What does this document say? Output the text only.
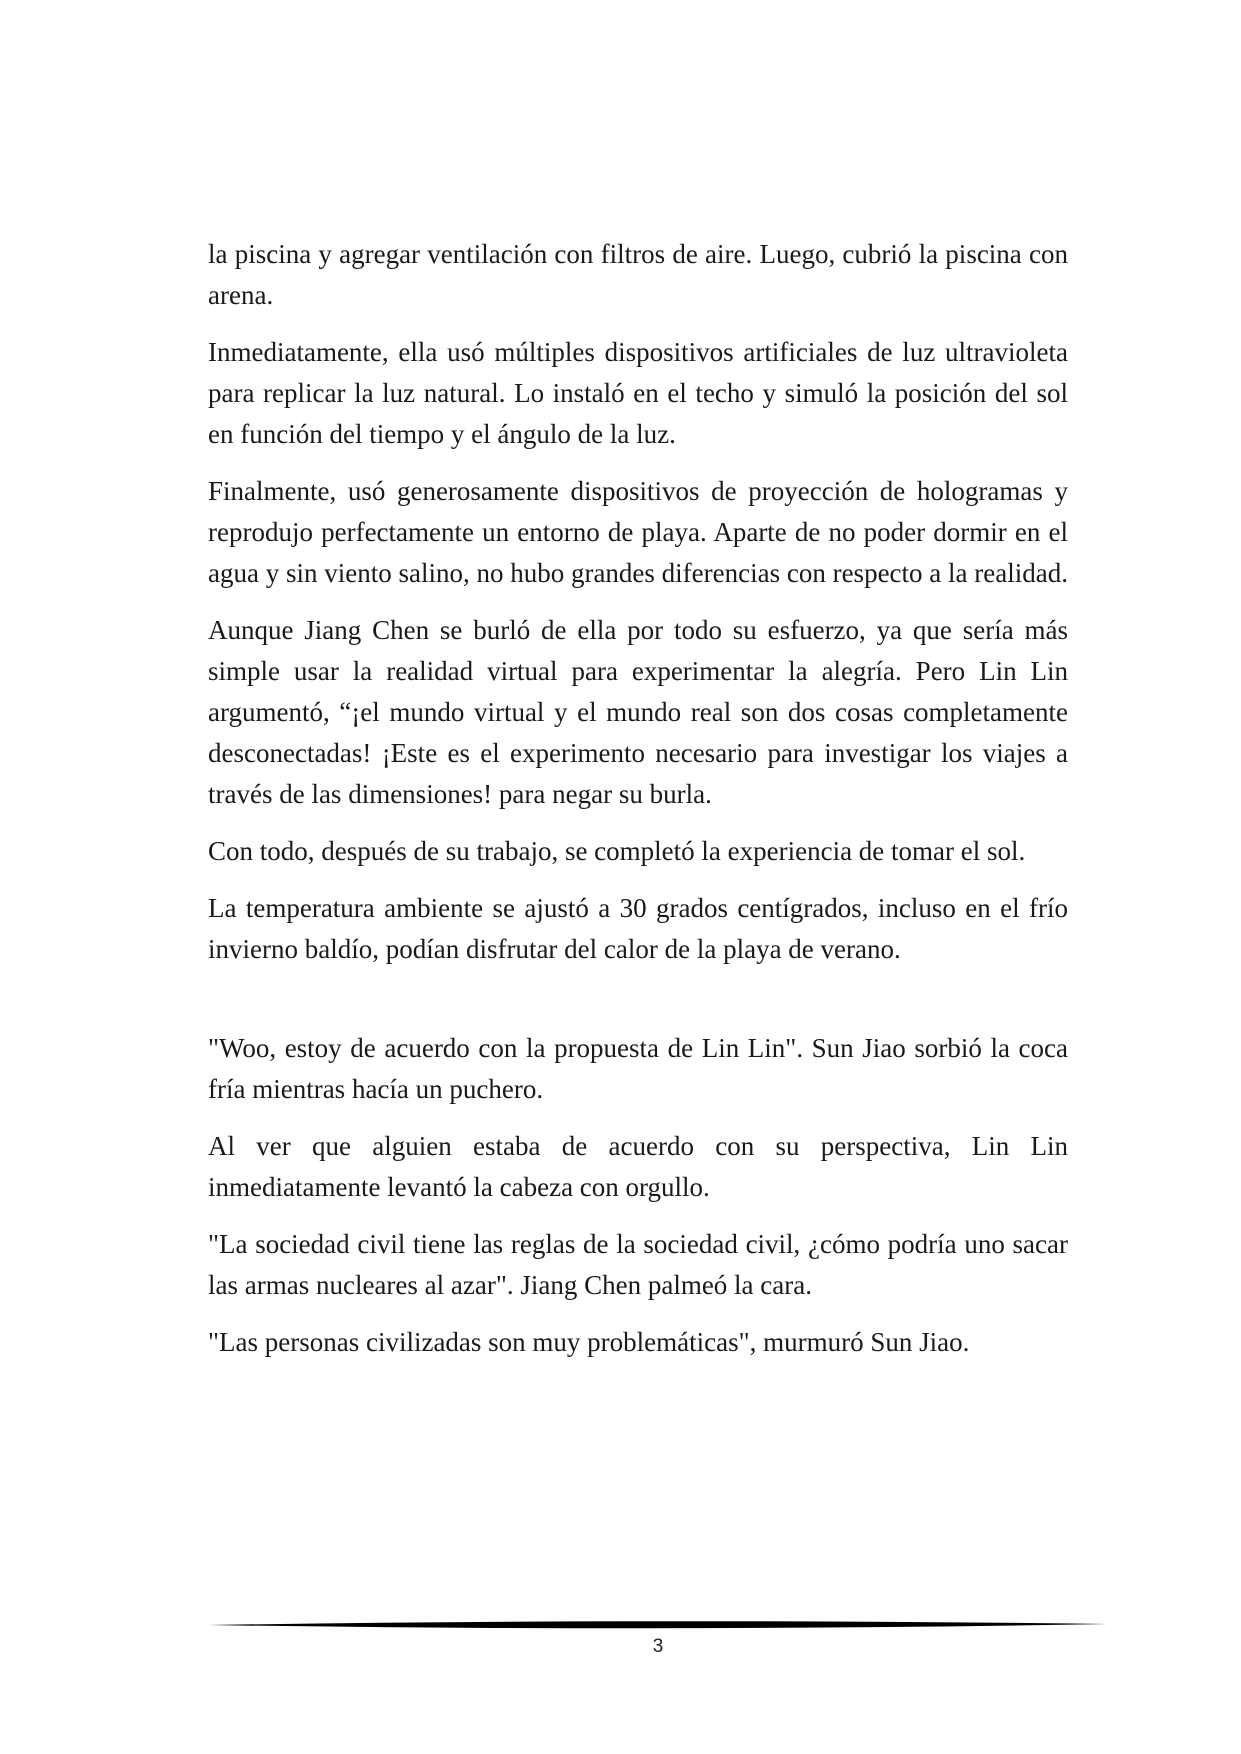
la piscina y agregar ventilación con filtros de aire. Luego, cubrió la piscina con arena.

Inmediatamente, ella usó múltiples dispositivos artificiales de luz ultravioleta para replicar la luz natural. Lo instaló en el techo y simuló la posición del sol en función del tiempo y el ángulo de la luz.

Finalmente, usó generosamente dispositivos de proyección de hologramas y reprodujo perfectamente un entorno de playa. Aparte de no poder dormir en el agua y sin viento salino, no hubo grandes diferencias con respecto a la realidad.

Aunque Jiang Chen se burló de ella por todo su esfuerzo, ya que sería más simple usar la realidad virtual para experimentar la alegría. Pero Lin Lin argumentó, “¡el mundo virtual y el mundo real son dos cosas completamente desconectadas! ¡Este es el experimento necesario para investigar los viajes a través de las dimensiones! para negar su burla.

Con todo, después de su trabajo, se completó la experiencia de tomar el sol.

La temperatura ambiente se ajustó a 30 grados centígrados, incluso en el frío invierno baldío, podían disfrutar del calor de la playa de verano.

"Woo, estoy de acuerdo con la propuesta de Lin Lin". Sun Jiao sorbió la coca fría mientras hacía un puchero.

Al ver que alguien estaba de acuerdo con su perspectiva, Lin Lin inmediatamente levantó la cabeza con orgullo.

"La sociedad civil tiene las reglas de la sociedad civil, ¿cómo podría uno sacar las armas nucleares al azar". Jiang Chen palmeó la cara.

"Las personas civilizadas son muy problemáticas", murmuró Sun Jiao.

3
